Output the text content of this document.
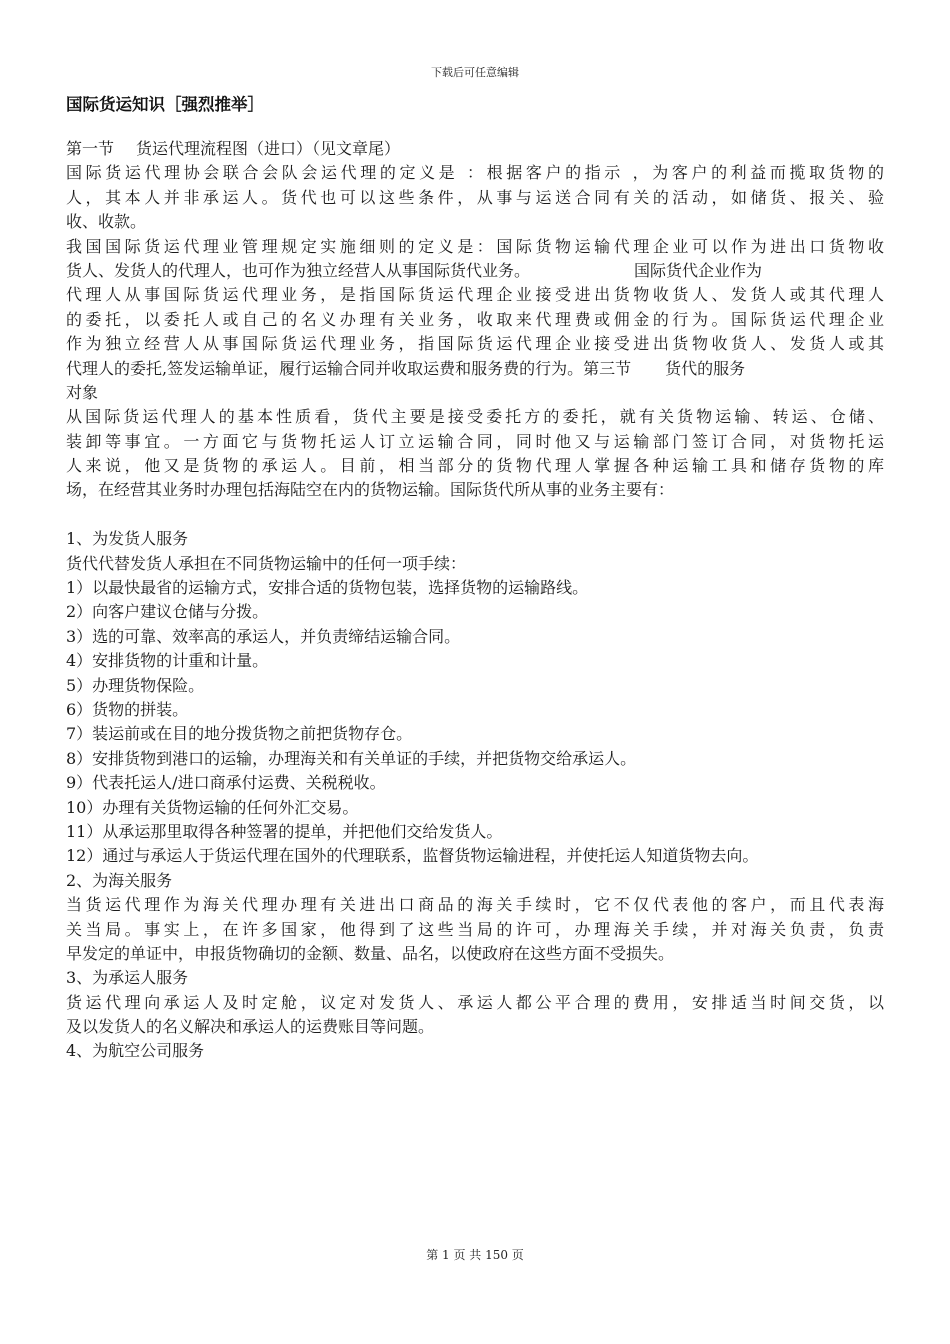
下载后可任意编辑
国际货运知识［强烈推举］
第一节 货运代理流程图（进口）（见文章尾）
国际货运代理协会联合会队会运代理的定义是 ：根据客户的指示 ，为客户的利益而揽取货物的
人，其本人并非承运人。货代也可以这些条件，从事与运送合同有关的活动，如储货、报关、验
收、收款。
我国国际货运代理业管理规定实施细则的定义是：国际货物运输代理企业可以作为进出口货物收
货人、发货人的代理人，也可作为独立经营人从事国际货代业务。	国际货代企业作为
代理人从事国际货运代理业务，是指国际货运代理企业接受进出货物收货人、发货人或其代理人
的委托，以委托人或自己的名义办理有关业务，收取来代理费或佣金的行为。国际货运代理企业
作为独立经营人从事国际货运代理业务，指国际货运代理企业接受进出货物收货人、发货人或其
代理人的委托,签发运输单证，履行运输合同并收取运费和服务费的行为。第三节 货代的服务
对象
从国际货运代理人的基本性质看，货代主要是接受委托方的委托，就有关货物运输、转运、仓储、
装卸等事宜。一方面它与货物托运人订立运输合同，同时他又与运输部门签订合同，对货物托运
人来说，他又是货物的承运人。目前，相当部分的货物代理人掌握各种运输工具和储存货物的库
场，在经营其业务时办理包括海陆空在内的货物运输。国际货代所从事的业务主要有：
1、为发货人服务
货代代替发货人承担在不同货物运输中的任何一项手续：
1）以最快最省的运输方式，安排合适的货物包装，选择货物的运输路线。
2）向客户建议仓储与分拨。
3）选的可靠、效率高的承运人，并负责缔结运输合同。
4）安排货物的计重和计量。
5）办理货物保险。
6）货物的拼装。
7）装运前或在目的地分拨货物之前把货物存仓。
8）安排货物到港口的运输，办理海关和有关单证的手续，并把货物交给承运人。
9）代表托运人/进口商承付运费、关税税收。
10）办理有关货物运输的任何外汇交易。
11）从承运那里取得各种签署的提单，并把他们交给发货人。
12）通过与承运人于货运代理在国外的代理联系，监督货物运输进程，并使托运人知道货物去向。
2、为海关服务
当货运代理作为海关代理办理有关进出口商品的海关手续时，它不仅代表他的客户，而且代表海
关当局。事实上，在许多国家，他得到了这些当局的许可，办理海关手续，并对海关负责，负责
早发定的单证中，申报货物确切的金额、数量、品名，以使政府在这些方面不受损失。
3、为承运人服务
货运代理向承运人及时定舱，议定对发货人、承运人都公平合理的费用，安排适当时间交货，以
及以发货人的名义解决和承运人的运费账目等问题。
4、为航空公司服务
第 1 页 共 150 页
